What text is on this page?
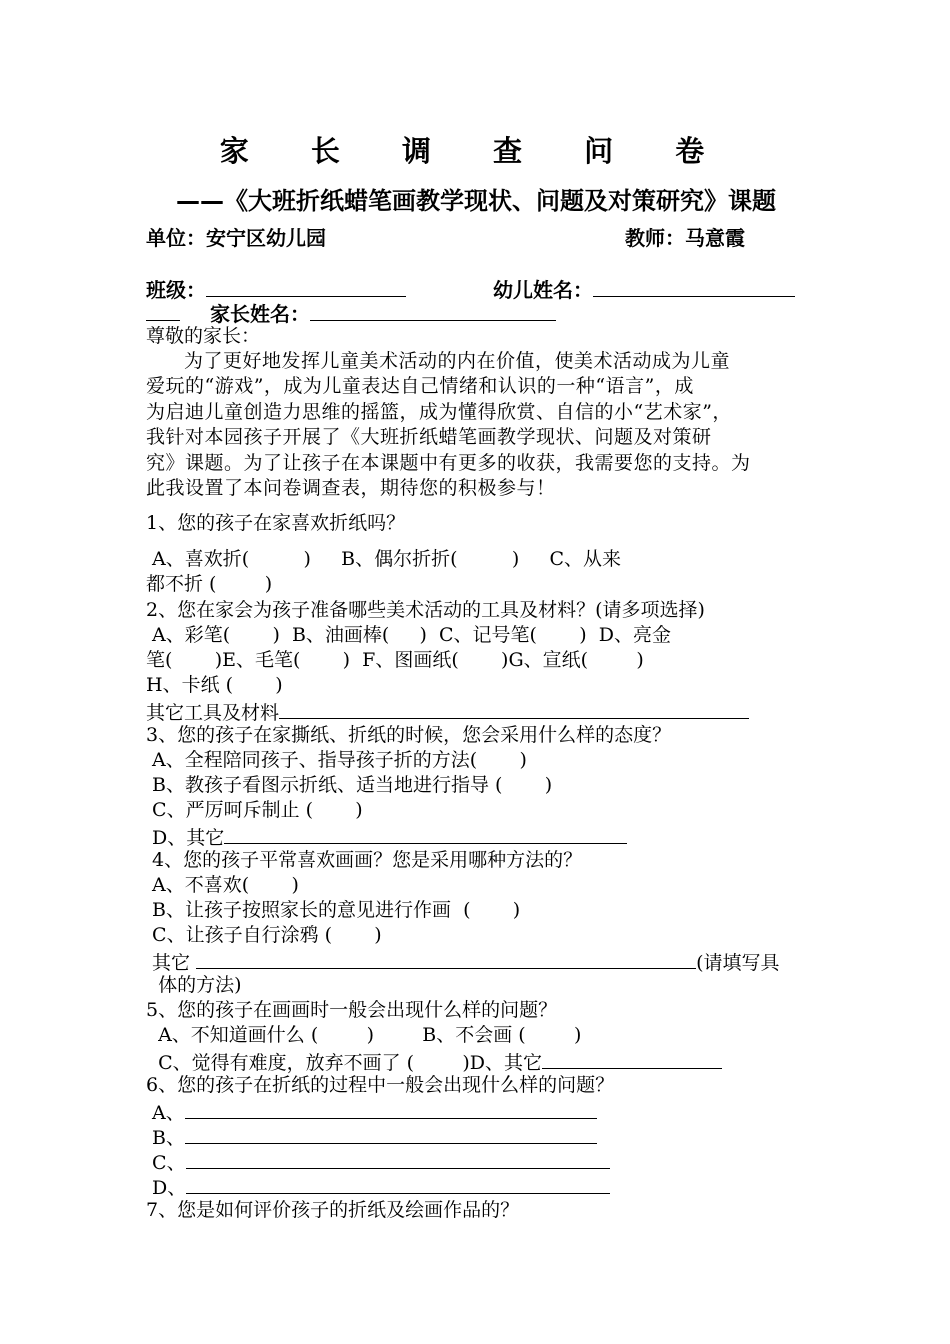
家 长 调 查 问 卷
——《大班折纸蜡笔画教学现状、问题及对策研究》课题
单位：安宁区幼儿园	教师：马意霞
班级：	幼儿姓名：
家长姓名：
尊敬的家长：
为了更好地发挥儿童美术活动的内在价值，使美术活动成为儿童
爱玩的“游戏”，成为儿童表达自己情绪和认识的一种“语言”，成
为启迪儿童创造力思维的摇篮，成为懂得欣赏、自信的小“艺术家”，
我针对本园孩子开展了《大班折纸蜡笔画教学现状、问题及对策研
究》课题。为了让孩子在本课题中有更多的收获，我需要您的支持。为
此我设置了本问卷调查表，期待您的积极参与！
1、您的孩子在家喜欢折纸吗？
A、喜欢折(         )     B、偶尔折折(         )     C、从来
都不折 (        )
2、您在家会为孩子准备哪些美术活动的工具及材料？(请多项选择)
A、彩笔(       )  B、油画棒(     )  C、记号笔(       )  D、亮金
笔(       )E、毛笔(       )  F、图画纸(       )G、宣纸(        )
H、卡纸 (       )
其它工具及材料
3、您的孩子在家撕纸、折纸的时候，您会采用什么样的态度？
A、全程陪同孩子、指导孩子折的方法(       )
B、教孩子看图示折纸、适当地进行指导 (       )
C、严厉呵斥制止 (       )
D、其它
4、您的孩子平常喜欢画画？您是采用哪种方法的？
A、不喜欢(       )
B、让孩子按照家长的意见进行作画  (       )
C、让孩子自行涂鸦 (       )
其它	(请填写具
体的方法)
5、您的孩子在画画时一般会出现什么样的问题？
A、不知道画什么 (        )        B、不会画 (        )
C、觉得有难度，放弃不画了 (        )D、其它
6、您的孩子在折纸的过程中一般会出现什么样的问题？
A、
B、
C、
D、
7、您是如何评价孩子的折纸及绘画作品的？
